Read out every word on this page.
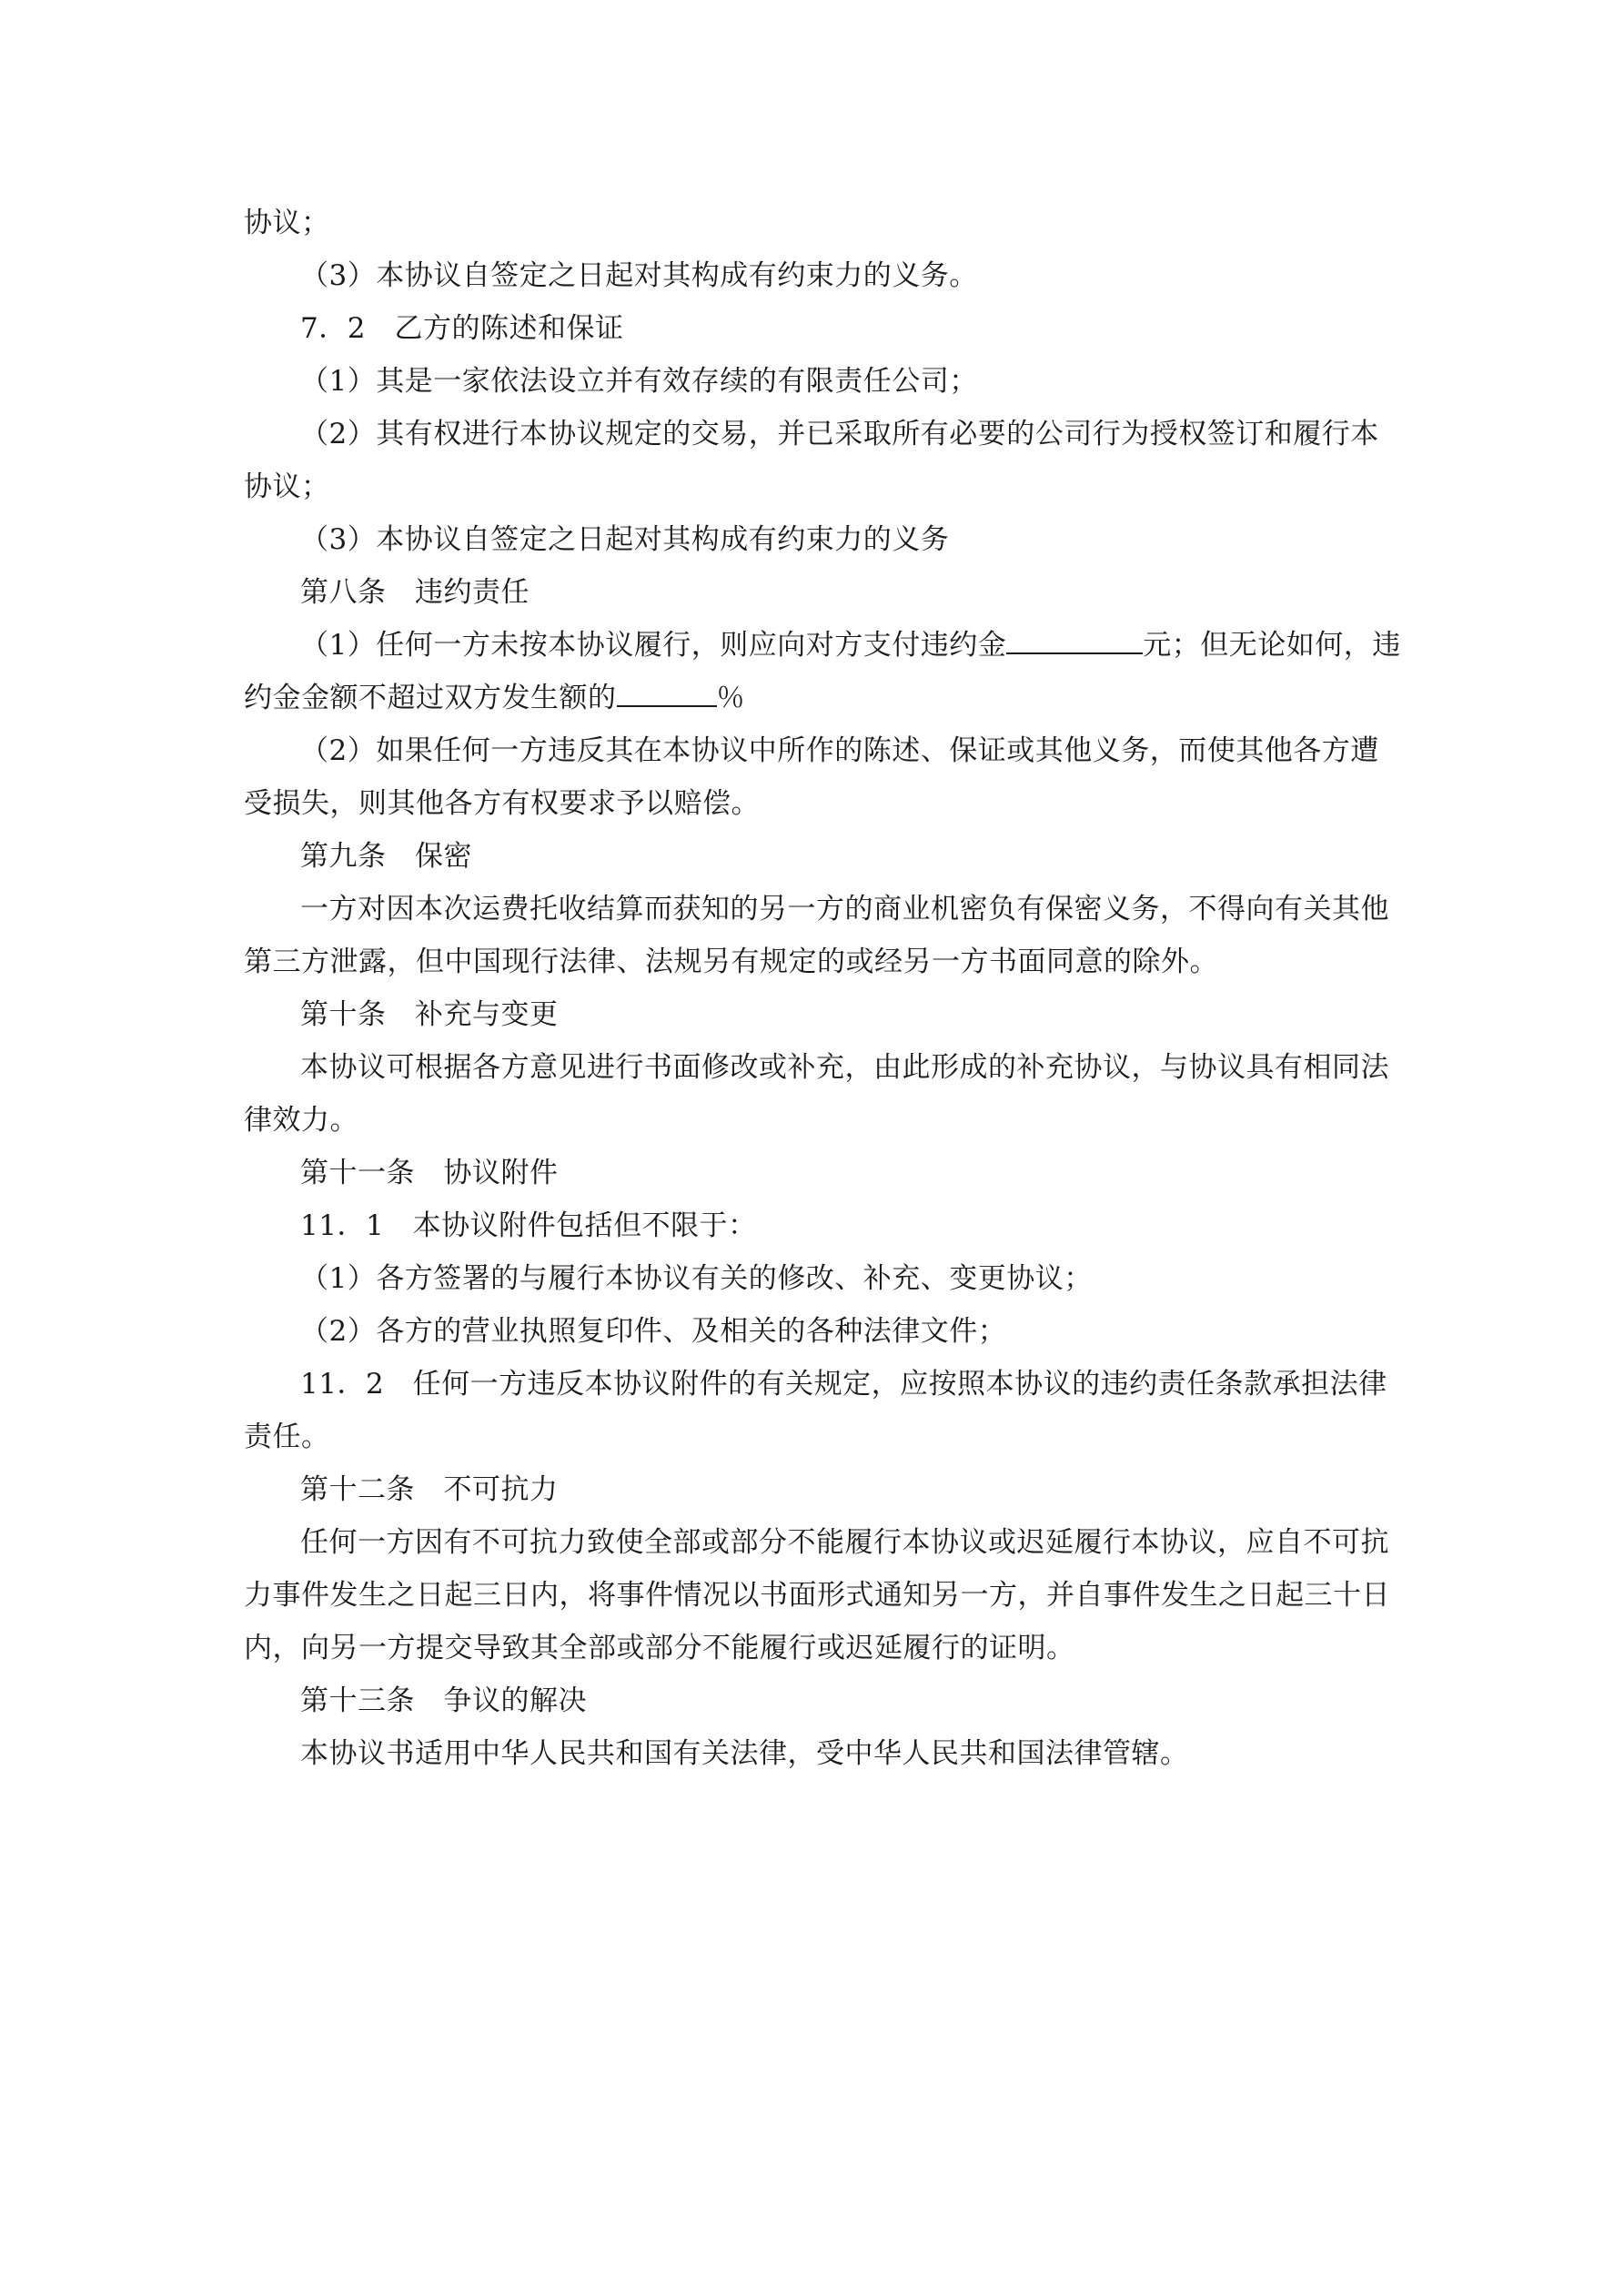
协议；
（3）本协议自签定之日起对其构成有约束力的义务。
7．2　乙方的陈述和保证
（1）其是一家依法设立并有效存续的有限责任公司；
（2）其有权进行本协议规定的交易，并已采取所有必要的公司行为授权签订和履行本
协议；
（3）本协议自签定之日起对其构成有约束力的义务
第八条　违约责任
（1）任何一方未按本协议履行，则应向对方支付违约金	元；但无论如何，违
约金金额不超过双方发生额的	％
（2）如果任何一方违反其在本协议中所作的陈述、保证或其他义务，而使其他各方遭
受损失，则其他各方有权要求予以赔偿。
第九条　保密
一方对因本次运费托收结算而获知的另一方的商业机密负有保密义务，不得向有关其他
第三方泄露，但中国现行法律、法规另有规定的或经另一方书面同意的除外。
第十条　补充与变更
本协议可根据各方意见进行书面修改或补充，由此形成的补充协议，与协议具有相同法
律效力。
第十一条　协议附件
11．1　本协议附件包括但不限于：
（1）各方签署的与履行本协议有关的修改、补充、变更协议；
（2）各方的营业执照复印件、及相关的各种法律文件；
11．2　任何一方违反本协议附件的有关规定，应按照本协议的违约责任条款承担法律
责任。
第十二条　不可抗力
任何一方因有不可抗力致使全部或部分不能履行本协议或迟延履行本协议，应自不可抗
力事件发生之日起三日内，将事件情况以书面形式通知另一方，并自事件发生之日起三十日
内，向另一方提交导致其全部或部分不能履行或迟延履行的证明。
第十三条　争议的解决
本协议书适用中华人民共和国有关法律，受中华人民共和国法律管辖。
